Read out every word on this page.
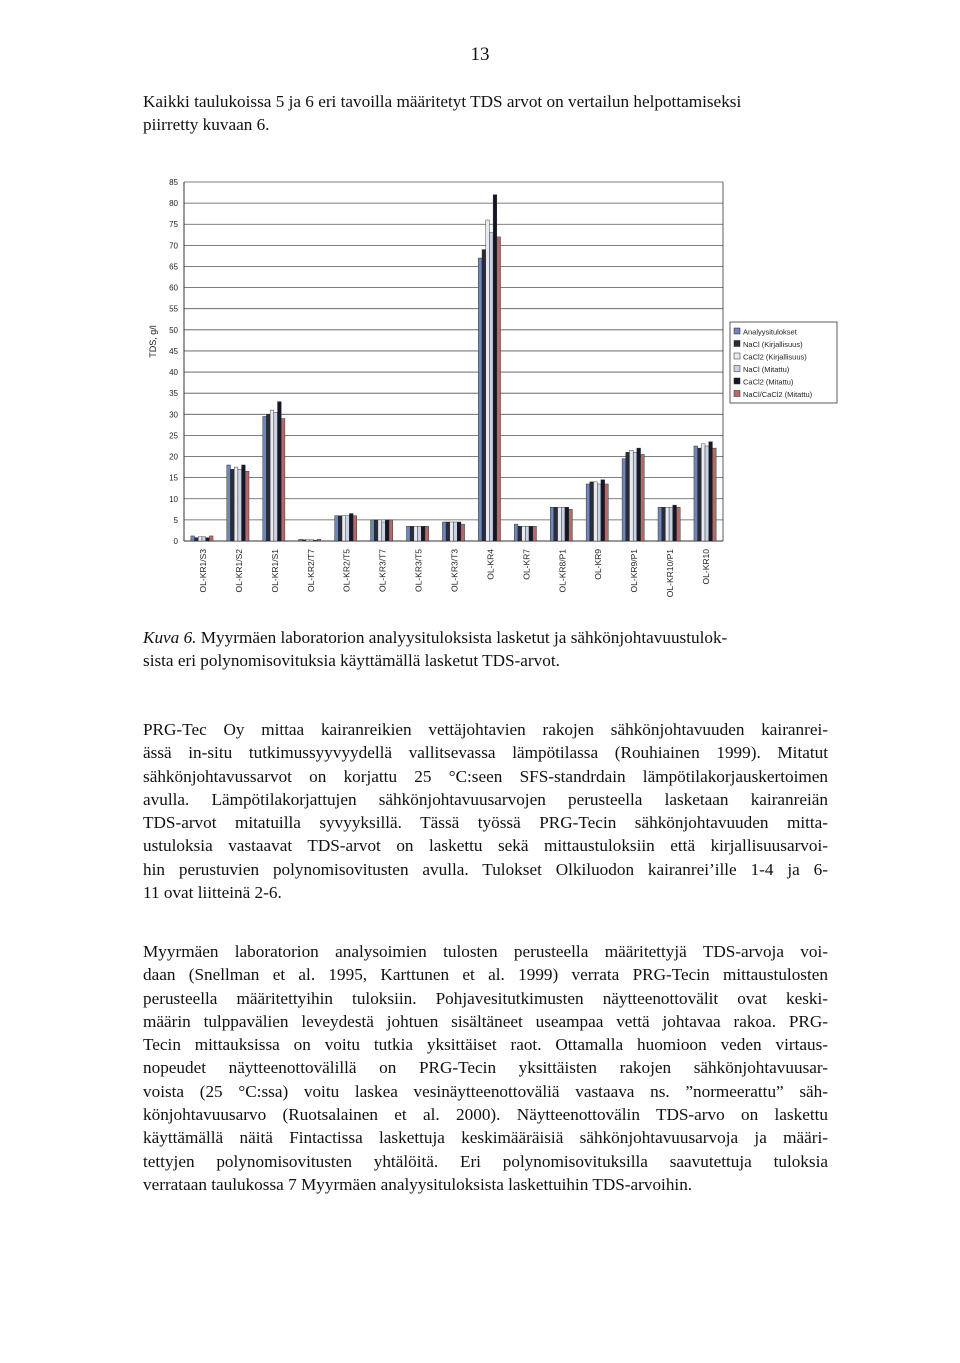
13

Kaikki taulukoissa 5 ja 6 eri tavoilla määritetyt TDS arvot on vertailun helpottamiseksi
piirretty kuvaan 6.

0
5
10
15
20
25
30
35
40
45
50
55
60
65
70
75
80
85
TDS, g/l
OL-KR1/S3	OL-KR1/S2	OL-KR1/S1	OL-KR2/T7	OL-KR2/T5	OL-KR3/T7	OL-KR3/T5	OL-KR3/T3	OL-KR4	OL-KR7	OL-KR8/P1	OL-KR9	OL-KR9/P1	OL-KR10/P1	OL-KR10
Analyysitulokset
NaCl (Kirjallisuus)
CaCl2 (Kirjallisuus)
NaCl (Mitattu)
CaCl2 (Mitattu)
NaCl/CaCl2 (Mitattu)

Kuva 6. Myyrmäen laboratorion analyysituloksista lasketut ja sähkönjohtavuustulok-
sista eri polynomisovituksia käyttämällä lasketut TDS-arvot.

PRG-Tec Oy mittaa kairanreikien vettäjohtavien rakojen sähkönjohtavuuden kairanrei-
ässä in-situ tutkimussyyvyydellä vallitsevassa lämpötilassa (Rouhiainen 1999). Mitatut
sähkönjohtavussarvot on korjattu 25 °C:seen SFS-standrdain lämpötilakorjauskertoimen
avulla. Lämpötilakorjattujen sähkönjohtavuusarvojen perusteella lasketaan kairanreiän
TDS-arvot mitatuilla syvyyksillä. Tässä työssä PRG-Tecin sähkönjohtavuuden mitta-
ustuloksia vastaavat TDS-arvot on laskettu sekä mittaustuloksiin että kirjallisuusarvoi-
hin perustuvien polynomisovitusten avulla. Tulokset Olkiluodon kairanrei’ille 1-4 ja 6-
11 ovat liitteinä 2-6.

Myyrmäen laboratorion analysoimien tulosten perusteella määritettyjä TDS-arvoja voi-
daan (Snellman et al. 1995, Karttunen et al. 1999) verrata PRG-Tecin mittaustulosten
perusteella määritettyihin tuloksiin. Pohjavesitutkimusten näytteenottovälit ovat keski-
määrin tulppavälien leveydestä johtuen sisältäneet useampaa vettä johtavaa rakoa. PRG-
Tecin mittauksissa on voitu tutkia yksittäiset raot. Ottamalla huomioon veden virtaus-
nopeudet näytteenottovälillä on PRG-Tecin yksittäisten rakojen sähkönjohtavuusar-
voista (25 °C:ssa) voitu laskea vesinäytteenottoväliä vastaava ns. ”normeerattu” säh-
könjohtavuusarvo (Ruotsalainen et al. 2000). Näytteenottovälin TDS-arvo on laskettu
käyttämällä näitä Fintactissa laskettuja keskimääräisiä sähkönjohtavuusarvoja ja määri-
tettyjen polynomisovitusten yhtälöitä. Eri polynomisovituksilla saavutettuja tuloksia
verrataan taulukossa 7 Myyrmäen analyysituloksista laskettuihin TDS-arvoihin.
